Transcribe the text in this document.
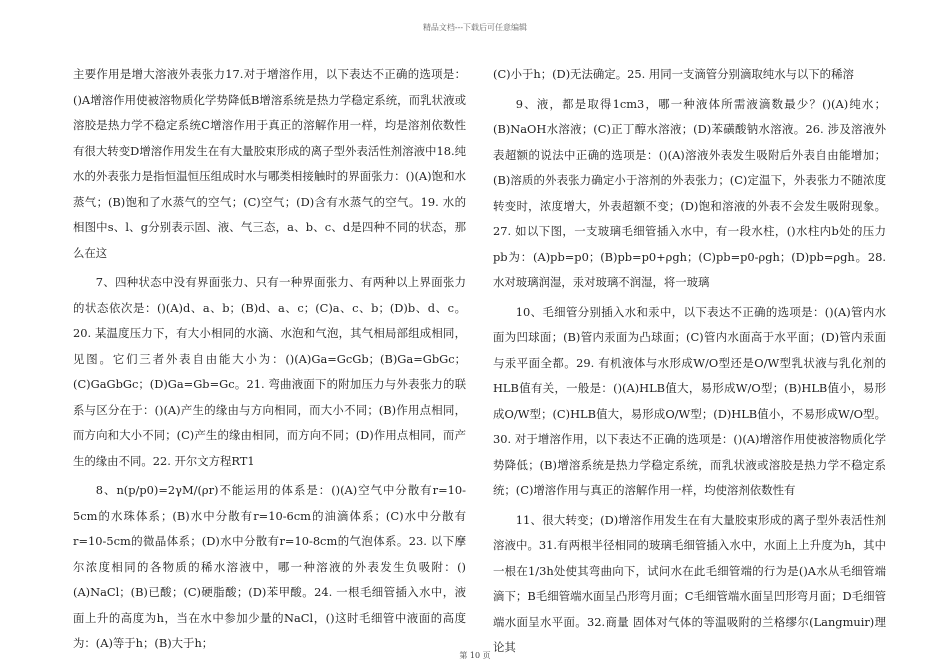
精品文档---下载后可任意编辑

主要作用是增大溶液外表张力17.对于增溶作用，以下表达不正确的选项是：()A增溶作用使被溶物质化学势降低B增溶系统是热力学稳定系统，而乳状液或溶胶是热力学不稳定系统C增溶作用于真正的溶解作用一样，均是溶剂依数性有很大转变D增溶作用发生在有大量胶束形成的离子型外表活性剂溶液中18.纯水的外表张力是指恒温恒压组成时水与哪类相接触时的界面张力：()(A)饱和水蒸气；(B)饱和了水蒸气的空气；(C)空气；(D)含有水蒸气的空气。19. 水的相图中s、l、g分别表示固、液、气三态，a、b、c、d是四种不同的状态，那么在这

7、四种状态中没有界面张力、只有一种界面张力、有两种以上界面张力的状态依次是：()(A)d、a、b；(B)d、a、c；(C)a、c、b；(D)b、d、c。20. 某温度压力下，有大小相同的水滴、水泡和气泡，其气相局部组成相同，见图。它们三者外表自由能大小为：()(A)Ga=GcGb；(B)Ga=GbGc；(C)GaGbGc；(D)Ga=Gb=Gc。21. 弯曲液面下的附加压力与外表张力的联系与区分在于：()(A)产生的缘由与方向相同，而大小不同；(B)作用点相同，而方向和大小不同；(C)产生的缘由相同，而方向不同；(D)作用点相同，而产生的缘由不同。22. 开尔文方程RT1

8、n(p/p0)=2γM/(ρr)不能运用的体系是：()(A)空气中分散有r=10-5cm的水珠体系；(B)水中分散有r=10-6cm的油滴体系；(C)水中分散有r=10-5cm的微晶体系；(D)水中分散有r=10-8cm的气泡体系。23. 以下摩尔浓度相同的各物质的稀水溶液中，哪一种溶液的外表发生负吸附：()(A)NaCl；(B)已酸；(C)硬脂酸；(D)苯甲酸。24. 一根毛细管插入水中，液面上升的高度为h，当在水中参加少量的NaCl，()这时毛细管中液面的高度为：(A)等于h；(B)大于h；

(C)小于h；(D)无法确定。25. 用同一支滴管分别滴取纯水与以下的稀溶

9、液，都是取得1cm3，哪一种液体所需液滴数最少？()(A)纯水；(B)NaOH水溶液；(C)正丁醇水溶液；(D)苯磺酸钠水溶液。26. 涉及溶液外表超额的说法中正确的选项是：()(A)溶液外表发生吸附后外表自由能增加；(B)溶质的外表张力确定小于溶剂的外表张力；(C)定温下，外表张力不随浓度转变时，浓度增大，外表超额不变；(D)饱和溶液的外表不会发生吸附现象。27. 如以下图，一支玻璃毛细管插入水中，有一段水柱，()水柱内b处的压力pb为：(A)pb=p0；(B)pb=p0+ρgh；(C)pb=p0-ρgh；(D)pb=ρgh。28. 水对玻璃润湿，汞对玻璃不润湿，将一玻璃

10、毛细管分别插入水和汞中，以下表达不正确的选项是：()(A)管内水面为凹球面；(B)管内汞面为凸球面；(C)管内水面高于水平面；(D)管内汞面与汞平面全都。29. 有机液体与水形成W/O型还是O/W型乳状液与乳化剂的HLB值有关，一般是：()(A)HLB值大，易形成W/O型；(B)HLB值小，易形成O/W型；(C)HLB值大，易形成O/W型；(D)HLB值小，不易形成W/O型。30. 对于增溶作用，以下表达不正确的选项是：()(A)增溶作用使被溶物质化学势降低；(B)增溶系统是热力学稳定系统，而乳状液或溶胶是热力学不稳定系统；(C)增溶作用与真正的溶解作用一样，均使溶剂依数性有

11、很大转变；(D)增溶作用发生在有大量胶束形成的离子型外表活性剂溶液中。31.有两根半径相同的玻璃毛细管插入水中，水面上上升度为h，其中一根在1/3h处使其弯曲向下，试问水在此毛细管端的行为是()A水从毛细管端滴下；B毛细管端水面呈凸形弯月面；C毛细管端水面呈凹形弯月面；D毛细管端水面呈水平面。32.商量 固体对气体的等温吸附的兰格缪尔(Langmuir)理论其

第 10 页
